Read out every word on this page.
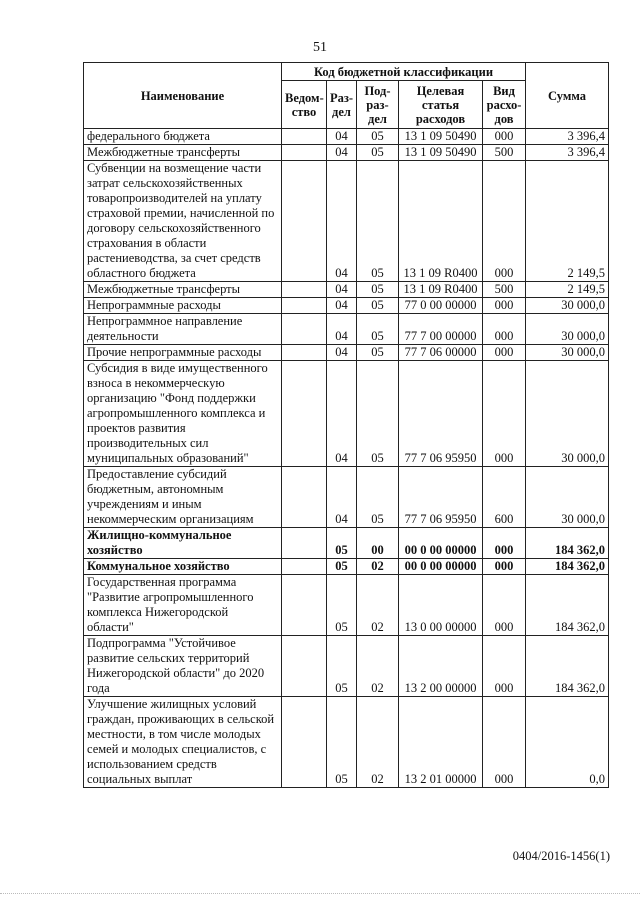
51
Наименование	Код бюджетной классификации					Сумма
	Ведом-ство	Раз-дел	Под-раз-дел	Целевая статья расходов	Вид расхо-дов	
федерального бюджета		04	05	13 1 09 50490	000	3 396,4
Межбюджетные трансферты		04	05	13 1 09 50490	500	3 396,4
Субвенции на возмещение части затрат сельскохозяйственных товаропроизводителей на уплату страховой премии, начисленной по договору сельскохозяйственного страхования в области растениеводства, за счет средств областного бюджета		04	05	13 1 09 R0400	000	2 149,5
Межбюджетные трансферты		04	05	13 1 09 R0400	500	2 149,5
Непрограммные расходы		04	05	77 0 00 00000	000	30 000,0
Непрограммное направление деятельности		04	05	77 7 00 00000	000	30 000,0
Прочие непрограммные расходы		04	05	77 7 06 00000	000	30 000,0
Субсидия в виде имущественного взноса в некоммерческую организацию "Фонд поддержки агропромышленного комплекса и проектов развития производительных сил муниципальных образований"		04	05	77 7 06 95950	000	30 000,0
Предоставление субсидий бюджетным, автономным учреждениям и иным некоммерческим организациям		04	05	77 7 06 95950	600	30 000,0
Жилищно-коммунальное хозяйство		05	00	00 0 00 00000	000	184 362,0
Коммунальное хозяйство		05	02	00 0 00 00000	000	184 362,0
Государственная программа "Развитие агропромышленного комплекса Нижегородской области"		05	02	13 0 00 00000	000	184 362,0
Подпрограмма "Устойчивое развитие сельских территорий Нижегородской области" до 2020 года		05	02	13 2 00 00000	000	184 362,0
Улучшение жилищных условий граждан, проживающих в сельской местности, в том числе молодых семей и молодых специалистов, с использованием средств социальных выплат		05	02	13 2 01 00000	000	0,0
0404/2016-1456(1)
